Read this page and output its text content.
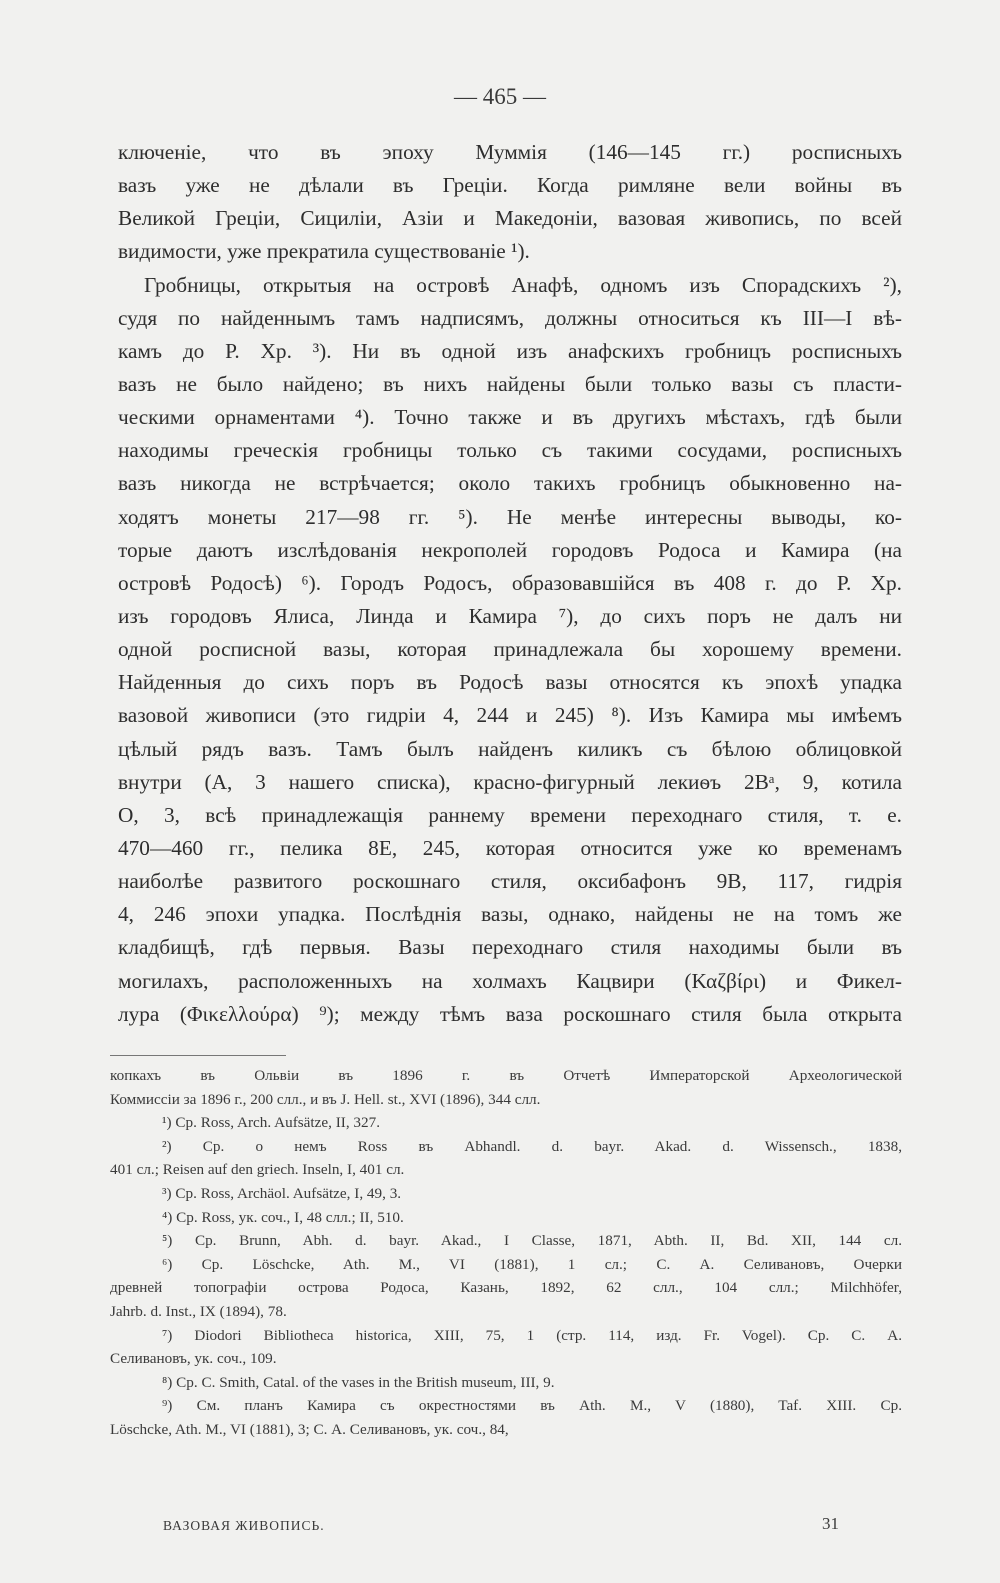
— 465 —
ключеніе, что въ эпоху Муммія (146—145 гг.) росписныхъ
вазъ уже не дѣлали въ Греціи. Когда римляне вели войны въ
Великой Греціи, Сициліи, Азіи и Македоніи, вазовая живопись, по всей
видимости, уже прекратила существованіе ¹).
Гробницы, открытыя на островѣ Анафѣ, одномъ изъ Спорадскихъ ²),
судя по найденнымъ тамъ надписямъ, должны относиться къ III—I вѣ-
камъ до Р. Хр. ³). Ни въ одной изъ анафскихъ гробницъ росписныхъ
вазъ не было найдено; въ нихъ найдены были только вазы съ пласти-
ческими орнаментами ⁴). Точно также и въ другихъ мѣстахъ, гдѣ были
находимы греческія гробницы только съ такими сосудами, росписныхъ
вазъ никогда не встрѣчается; около такихъ гробницъ обыкновенно на-
ходятъ монеты 217—98 гг. ⁵). Не менѣе интересны выводы, ко-
торые даютъ изслѣдованія некрополей городовъ Родоса и Камира (на
островѣ Родосѣ) ⁶). Городъ Родосъ, образовавшійся въ 408 г. до Р. Хр.
изъ городовъ Ялиса, Линда и Камира ⁷), до сихъ поръ не далъ ни
одной росписной вазы, которая принадлежала бы хорошему времени.
Найденныя до сихъ поръ въ Родосѣ вазы относятся къ эпохѣ упадка
вазовой живописи (это гидріи 4, 244 и 245) ⁸). Изъ Камира мы имѣемъ
цѣлый рядъ вазъ. Тамъ былъ найденъ киликъ съ бѣлою облицовкой
внутри (A, 3 нашего списка), красно-фигурный лекиѳъ 2Bᵃ, 9, котила
O, 3, всѣ принадлежащія раннему времени переходнаго стиля, т. е.
470—460 гг., пелика 8E, 245, которая относится уже ко временамъ
наиболѣе развитого роскошнаго стиля, оксибафонъ 9B, 117, гидрія
4, 246 эпохи упадка. Послѣднія вазы, однако, найдены не на томъ же
кладбищѣ, гдѣ первыя. Вазы переходнаго стиля находимы были въ
могилахъ, расположенныхъ на холмахъ Кацвири (Καζβίρι) и Фикел-
лура (Φικελλούρα) ⁹); между тѣмъ ваза роскошнаго стиля была открыта
копкахъ въ Ольвіи въ 1896 г. въ Отчетѣ Императорской Археологической
Коммиссіи за 1896 г., 200 слл., и въ J. Hell. st., XVI (1896), 344 слл.
¹) Cp. Ross, Arch. Aufsätze, II, 327.
²) Cp. о немъ Ross въ Abhandl. d. bayr. Akad. d. Wissensch., 1838,
401 сл.; Reisen auf den griech. Inseln, I, 401 сл.
³) Cp. Ross, Archäol. Aufsätze, I, 49, 3.
⁴) Cp. Ross, ук. соч., I, 48 слл.; II, 510.
⁵) Cp. Brunn, Abh. d. bayr. Akad., I Classe, 1871, Abth. II, Bd. XII, 144 сл.
⁶) Cp. Löschcke, Ath. M., VI (1881), 1 сл.; С. А. Селивановъ, Очерки
древней топографіи острова Родоса, Казань, 1892, 62 слл., 104 слл.; Milchhöfer,
Jahrb. d. Inst., IX (1894), 78.
⁷) Diodori Bibliotheca historica, XIII, 75, 1 (стр. 114, изд. Fr. Vogel). Cp. С. А.
Селивановъ, ук. соч., 109.
⁸) Cp. C. Smith, Catal. of the vases in the British museum, III, 9.
⁹) См. планъ Камира съ окрестностями въ Ath. M., V (1880), Taf. XIII. Cp.
Löschcke, Ath. M., VI (1881), 3; С. А. Селивановъ, ук. соч., 84,
ВАЗОВАЯ ЖИВОПИСЬ.	31
